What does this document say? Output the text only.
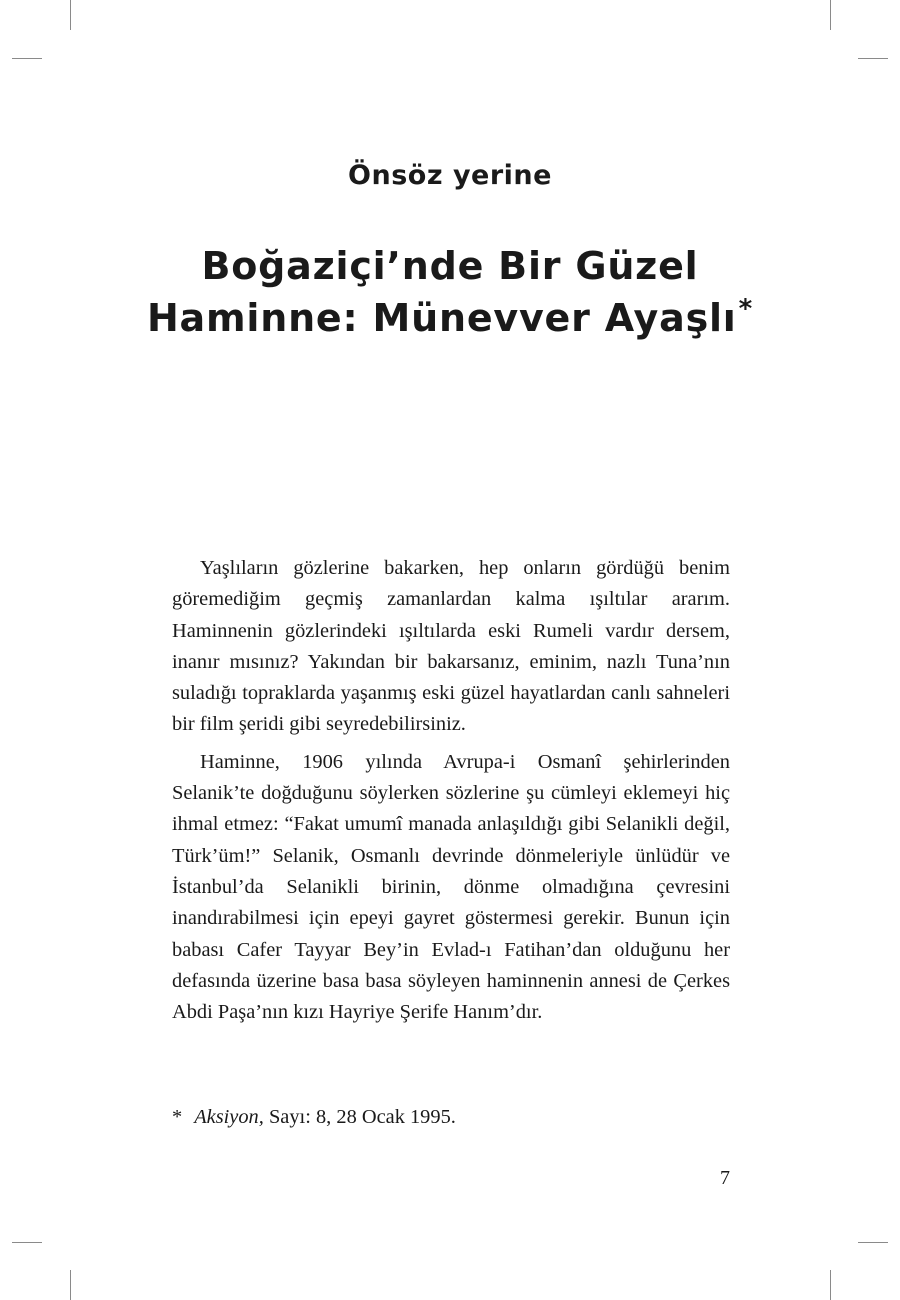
Önsöz yerine
Boğaziçi’nde Bir Güzel
Haminne: Münevver Ayaşlı*

Yaşlıların gözlerine bakarken, hep onların gördüğü benim göremediğim geçmiş zamanlardan kalma ışıltılar ararım. Haminnenin gözlerindeki ışıltılarda eski Rumeli vardır dersem, inanır mısınız? Yakından bir bakarsanız, eminim, nazlı Tuna’nın suladığı topraklarda yaşanmış eski güzel hayatlardan canlı sahneleri bir film şeridi gibi seyredebilirsiniz.

Haminne, 1906 yılında Avrupa-i Osmanî şehirlerinden Selanik’te doğduğunu söylerken sözlerine şu cümleyi eklemeyi hiç ihmal etmez: “Fakat umumî manada anlaşıldığı gibi Selanikli değil, Türk’üm!” Selanik, Osmanlı devrinde dönmeleriyle ünlüdür ve İstanbul’da Selanikli birinin, dönme olmadığına çevresini inandırabilmesi için epeyi gayret göstermesi gerekir. Bunun için babası Cafer Tayyar Bey’in Evlad-ı Fatihan’dan olduğunu her defasında üzerine basa basa söyleyen haminnenin annesi de Çerkes Abdi Paşa’nın kızı Hayriye Şerife Hanım’dır.

* Aksiyon, Sayı: 8, 28 Ocak 1995.
7
